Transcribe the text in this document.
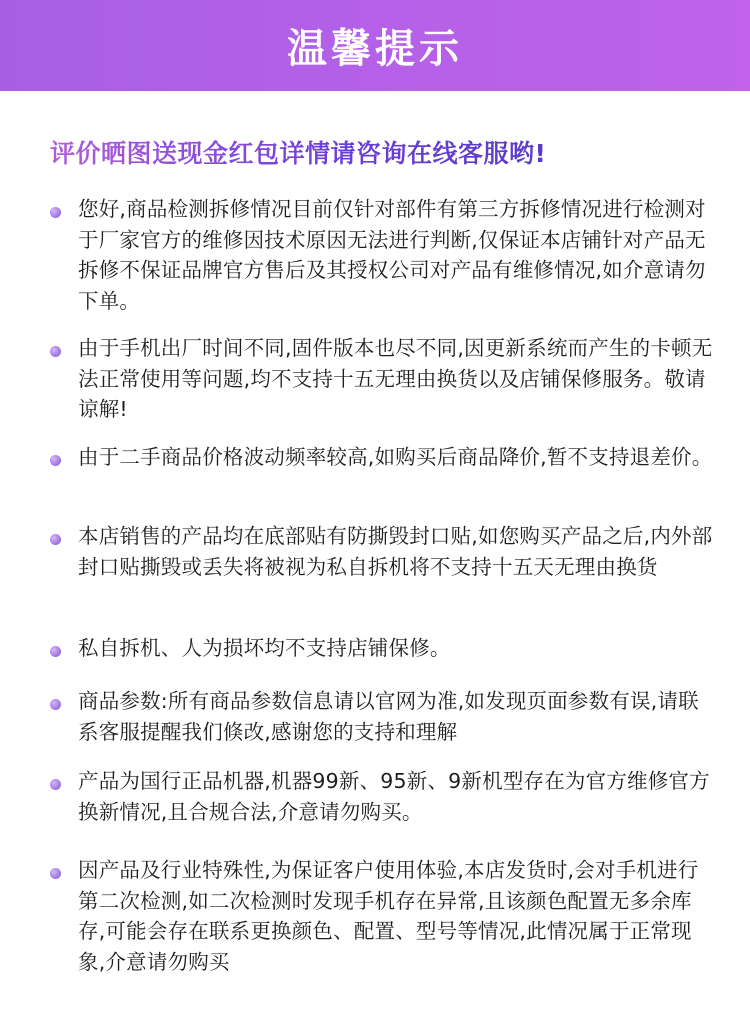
温馨提示
评价晒图送现金红包详情请咨询在线客服哟!
您好,商品检测拆修情况目前仅针对部件有第三方拆修情况进行检测对于厂家官方的维修因技术原因无法进行判断,仅保证本店铺针对产品无拆修不保证品牌官方售后及其授权公司对产品有维修情况,如介意请勿下单。
由于手机出厂时间不同,固件版本也尽不同,因更新系统而产生的卡顿无法正常使用等问题,均不支持十五无理由换货以及店铺保修服务。敬请谅解!
由于二手商品价格波动频率较高,如购买后商品降价,暂不支持退差价。
本店销售的产品均在底部贴有防撕毁封口贴,如您购买产品之后,内外部封口贴撕毁或丢失将被视为私自拆机将不支持十五天无理由换货
私自拆机、人为损坏均不支持店铺保修。
商品参数:所有商品参数信息请以官网为准,如发现页面参数有误,请联系客服提醒我们倏改,感谢您的支持和理解
产品为国行正品机器,机器99新、95新、9新机型存在为官方维修官方换新情况,且合规合法,介意请勿购买。
因产品及行业特殊性,为保证客户使用体验,本店发货时,会对手机进行第二次检测,如二次检测时发现手机存在异常,且该颜色配置无多余库存,可能会存在联系更换颜色、配置、型号等情况,此情况属于正常现象,介意请勿购买
